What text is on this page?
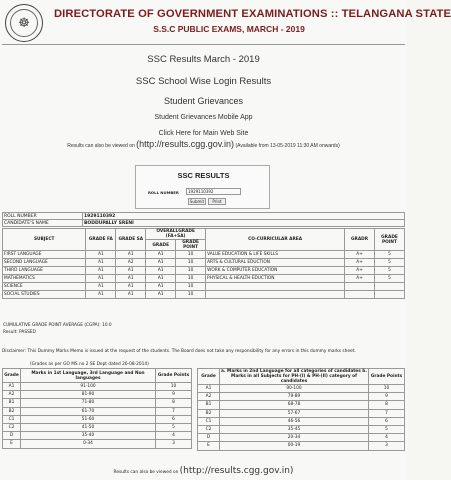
☸
DIRECTORATE OF GOVERNMENT EXAMINATIONS :: TELANGANA STATE
S.S.C PUBLIC EXAMS, MARCH - 2019
SSC Results March - 2019
SSC School Wise Login Results
Student Grievances
Student Grievances Mobile App
Click Here for Main Web Site
Results can also be viewed on (http://results.cgg.gov.in) (Available from 13-05-2019 11:30 AM onwards)
SSC RESULTS
ROLL NUMBER	1929110392
Submit	Print
ROLL NUMBER	1929110392
CANDIDATE'S NAME	BODDUPALLY SRENI
SUBJECT	GRADE FA	GRADE SA	OVERALLGRADE (FA+SA)		CO-CURRICULAR AREA	GRADR	GRADE POINT
			GRADE	GRADE POINT			
FIRST LANGUAGE	A1	A1	A1	10	VALUE EDUCATION & LIFE SKILLS	A+	5
SECOND LANGUAGE	A1	A2	A1	10	ARTS & CULTURAL EDUCTION	A+	5
THIRD LANGUAGE	A1	A1	A1	10	WORK & COMPUTER EDUCATION	A+	5
MATHEMATICS	A1	A1	A1	10	PHYSICAL & HEALTH EDUCTION	A+	5
SCIENCE	A1	A1	A1	10			
SOCIAL STUDIES	A1	A1	A1	10			
CUMULATIVE GRADE POINT AVERAGE (CGPA): 10.0
Result: PASSED
Disclaimer: This Dummy Marks Memo is issued at the request of the students. The Board does not take any responsibility for any errors in this dummy marks sheet.
(Grades as per GO MS no 2 SE Dept dated 26-08-2014)
Grade	Marks in 1st Language, 3rd Language and Non languages	Grade Points
A1	91-100	10
A2	81-90	9
B1	71-80	8
B2	61-70	7
C1	51-60	6
C2	41-50	5
D	35-40	4
E	0-34	3
Grade	a. Marks in 2nd Language for all categories of candidates b. Marks in all Subjects for PH-(I) & PH-(II) category of candidates	Grade Points
A1	90-100	10
A2	79-89	9
B1	68-78	8
B2	57-67	7
C1	46-56	6
C2	35-45	5
D	20-34	4
E	00-19	3
Results can also be viewed on (http://results.cgg.gov.in)
